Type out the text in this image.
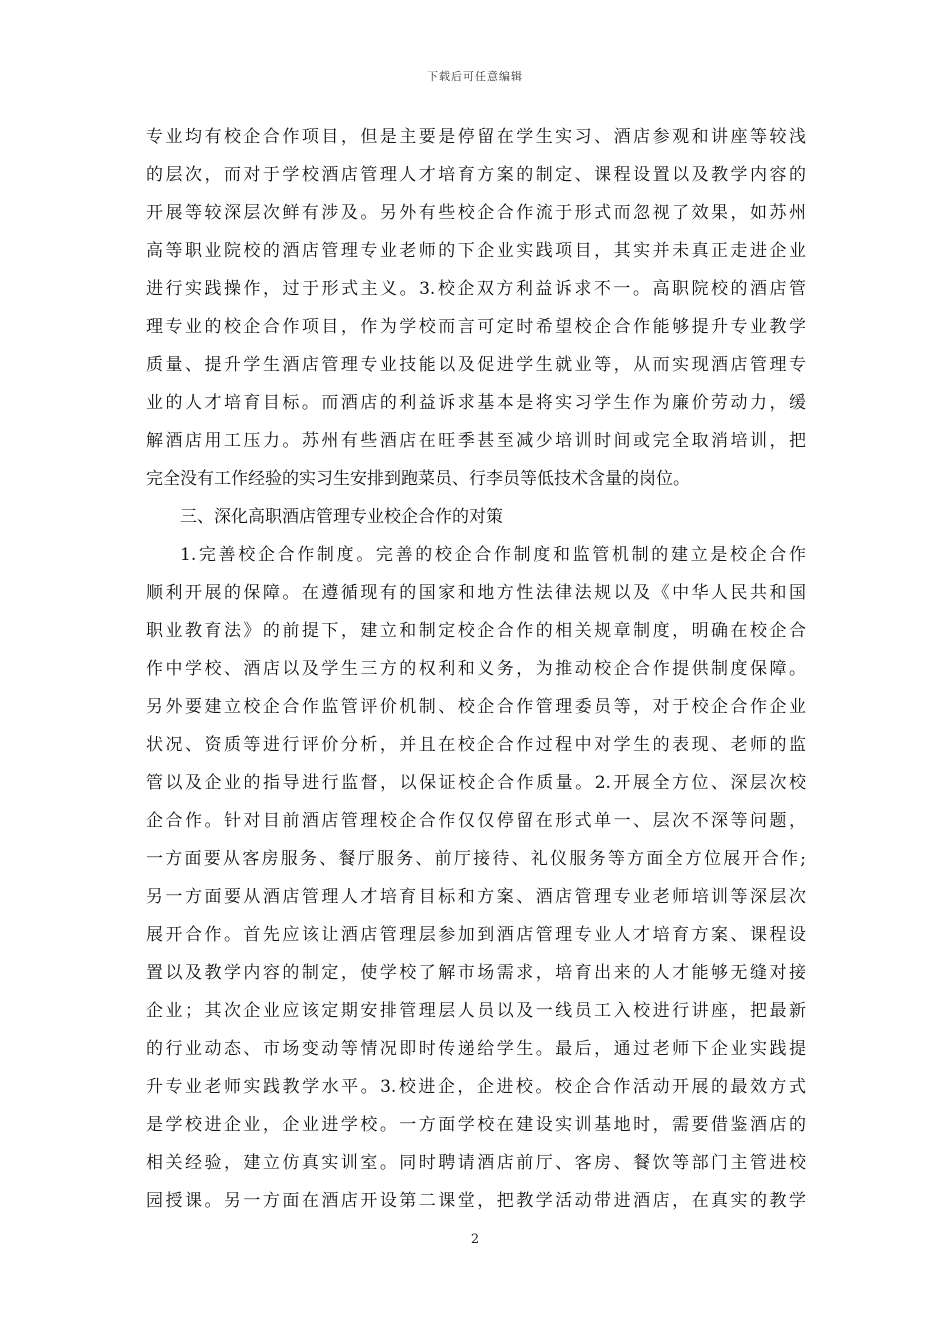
下载后可任意编辑
专业均有校企合作项目，但是主要是停留在学生实习、酒店参观和讲座等较浅
的层次，而对于学校酒店管理人才培育方案的制定、课程设置以及教学内容的
开展等较深层次鲜有涉及。另外有些校企合作流于形式而忽视了效果，如苏州
高等职业院校的酒店管理专业老师的下企业实践项目，其实并未真正走进企业
进行实践操作，过于形式主义。3.校企双方利益诉求不一。高职院校的酒店管
理专业的校企合作项目，作为学校而言可定时希望校企合作能够提升专业教学
质量、提升学生酒店管理专业技能以及促进学生就业等，从而实现酒店管理专
业的人才培育目标。而酒店的利益诉求基本是将实习学生作为廉价劳动力，缓
解酒店用工压力。苏州有些酒店在旺季甚至减少培训时间或完全取消培训，把
完全没有工作经验的实习生安排到跑菜员、行李员等低技术含量的岗位。
三、深化高职酒店管理专业校企合作的对策
1.完善校企合作制度。完善的校企合作制度和监管机制的建立是校企合作
顺利开展的保障。在遵循现有的国家和地方性法律法规以及《中华人民共和国
职业教育法》的前提下，建立和制定校企合作的相关规章制度，明确在校企合
作中学校、酒店以及学生三方的权利和义务，为推动校企合作提供制度保障。
另外要建立校企合作监管评价机制、校企合作管理委员等，对于校企合作企业
状况、资质等进行评价分析，并且在校企合作过程中对学生的表现、老师的监
管以及企业的指导进行监督，以保证校企合作质量。2.开展全方位、深层次校
企合作。针对目前酒店管理校企合作仅仅停留在形式单一、层次不深等问题，
一方面要从客房服务、餐厅服务、前厅接待、礼仪服务等方面全方位展开合作;
另一方面要从酒店管理人才培育目标和方案、酒店管理专业老师培训等深层次
展开合作。首先应该让酒店管理层参加到酒店管理专业人才培育方案、课程设
置以及教学内容的制定，使学校了解市场需求，培育出来的人才能够无缝对接
企业；其次企业应该定期安排管理层人员以及一线员工入校进行讲座，把最新
的行业动态、市场变动等情况即时传递给学生。最后，通过老师下企业实践提
升专业老师实践教学水平。3.校进企，企进校。校企合作活动开展的最效方式
是学校进企业，企业进学校。一方面学校在建设实训基地时，需要借鉴酒店的
相关经验，建立仿真实训室。同时聘请酒店前厅、客房、餐饮等部门主管进校
园授课。另一方面在酒店开设第二课堂，把教学活动带进酒店，在真实的教学
2
